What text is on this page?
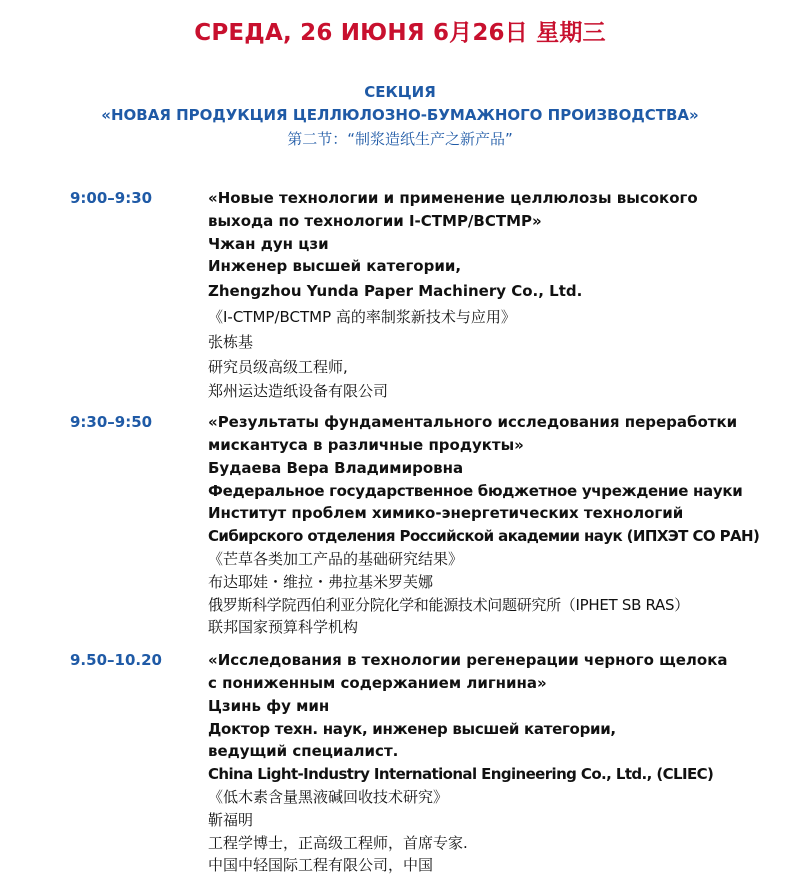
СРЕДА, 26 ИЮНЯ 6月26日 星期三
СЕКЦИЯ
«НОВАЯ ПРОДУКЦИЯ ЦЕЛЛЮЛОЗНО-БУМАЖНОГО ПРОИЗВОДСТВА»
第二节：“制浆造纸生产之新产品”
9:00–9:30	«Новые технологии и применение целлюлозы высокого
выхода по технологии I-CTMP/BCTMP»
Чжан дун цзи
Инженер высшей категории,
Zhengzhou Yunda Paper Machinery Co., Ltd.
《I-CTMP/BCTMP 高的率制浆新技术与应用》
张栋基
研究员级高级工程师,
郑州运达造纸设备有限公司
9:30–9:50	«Результаты фундаментального исследования переработки
мискантуса в различные продукты»
Будаева Вера Владимировна
Федеральное государственное бюджетное учреждение науки
Институт проблем химико-энергетических технологий
Сибирского отделения Российской академии наук (ИПХЭТ СО РАН)
《芒草各类加工产品的基础研究结果》
布达耶娃・维拉・弗拉基米罗芙娜
俄罗斯科学院西伯利亚分院化学和能源技术问题研究所（IPHET SB RAS）
联邦国家预算科学机构
9.50–10.20	«Исследования в технологии регенерации черного щелока
с пониженным содержанием лигнина»
Цзинь фу мин
Доктор техн. наук, инженер высшей категории,
ведущий специалист.
China Light-Industry International Engineering Co., Ltd., (CLIEC)
《低木素含量黑液碱回收技术研究》
靳福明
工程学博士，正高级工程师，首席专家.
中国中轻国际工程有限公司，中国
